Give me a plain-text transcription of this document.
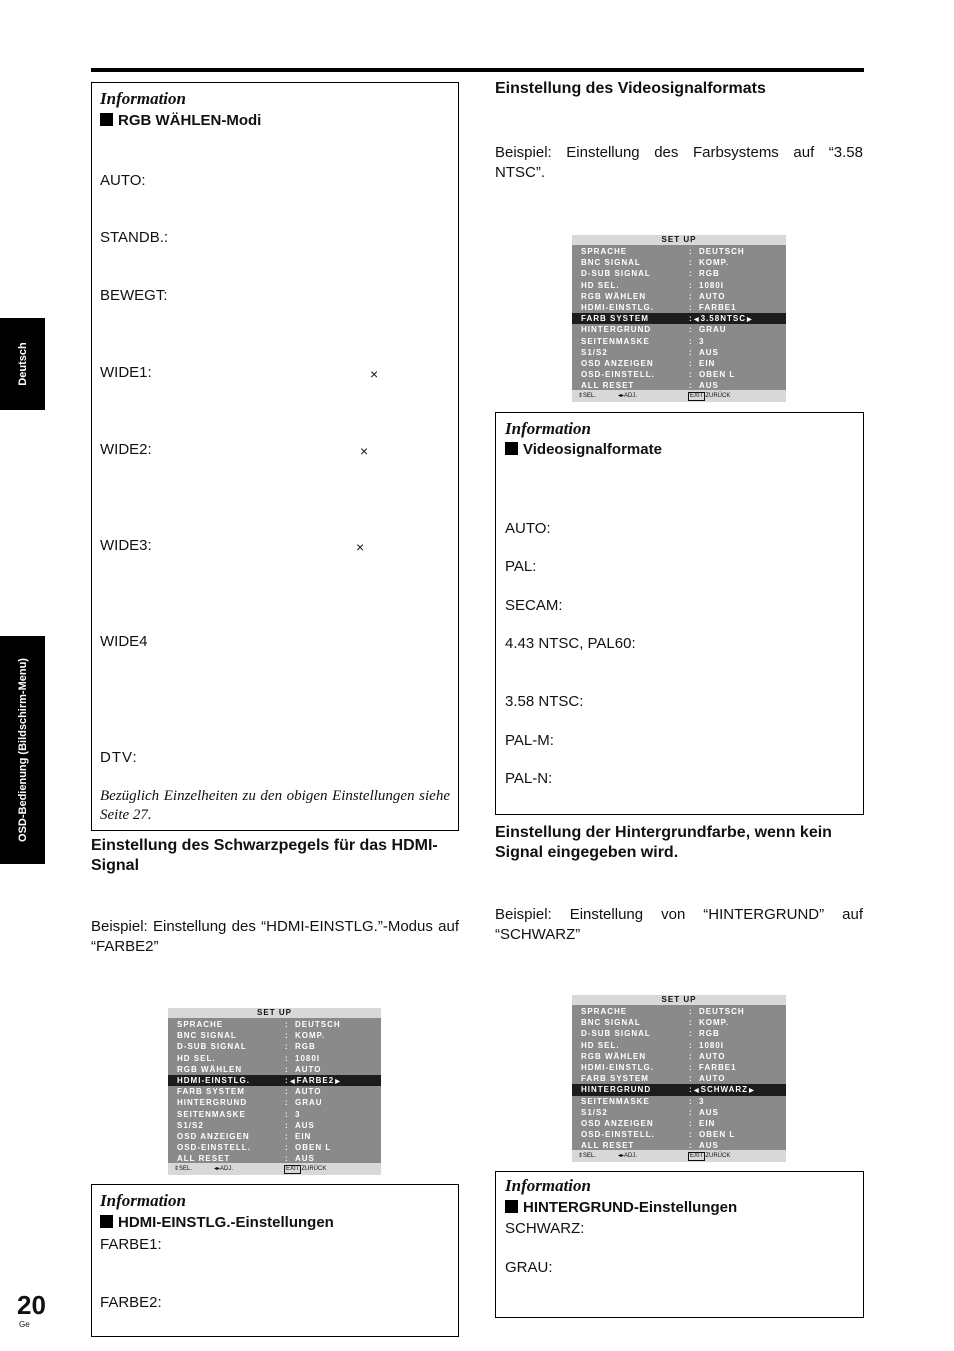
Deutsch
OSD-Bedienung (Bildschirm-Menu)
Information
RGB WÄHLEN-Modi
AUTO:
STANDB.:
BEWEGT:
WIDE1:	×
WIDE2:	×
WIDE3:	×
WIDE4
DTV:
Bezüglich Einzelheiten zu den obigen Einstellungen siehe Seite 27.
Einstellung des Schwarzpegels für das HDMI-Signal
Beispiel: Einstellung des “HDMI-EINSTLG.”-Modus auf “FARBE2”
SET UP
SPRACHE	: DEUTSCH
BNC SIGNAL	: KOMP.
D-SUB SIGNAL	: RGB
HD SEL.	: 1080I
RGB WÄHLEN	: AUTO
HDMI-EINSTLG.	: ◀FARBE2▶
FARB SYSTEM	: AUTO
HINTERGRUND	: GRAU
SEITENMASKE	: 3
S1/S2	: AUS
OSD ANZEIGEN	: EIN
OSD-EINSTELL.	: OBEN L
ALL RESET	: AUS
⇕SEL.	◂▸ADJ.	EXIT ZURÜCK
Information
HDMI-EINSTLG.-Einstellungen
FARBE1:
FARBE2:
Einstellung des Videosignalformats
Beispiel: Einstellung des Farbsystems auf “3.58 NTSC”.
SET UP
SPRACHE	: DEUTSCH
BNC SIGNAL	: KOMP.
D-SUB SIGNAL	: RGB
HD SEL.	: 1080I
RGB WÄHLEN	: AUTO
HDMI-EINSTLG.	: FARBE1
FARB SYSTEM	: ◀3.58NTSC▶
HINTERGRUND	: GRAU
SEITENMASKE	: 3
S1/S2	: AUS
OSD ANZEIGEN	: EIN
OSD-EINSTELL.	: OBEN L
ALL RESET	: AUS
⇕SEL.	◂▸ADJ.	EXIT ZURÜCK
Information
Videosignalformate
AUTO:
PAL:
SECAM:
4.43 NTSC, PAL60:
3.58 NTSC:
PAL-M:
PAL-N:
Einstellung der Hintergrundfarbe, wenn kein Signal eingegeben wird.
Beispiel: Einstellung von “HINTERGRUND” auf “SCHWARZ”
SET UP
SPRACHE	: DEUTSCH
BNC SIGNAL	: KOMP.
D-SUB SIGNAL	: RGB
HD SEL.	: 1080I
RGB WÄHLEN	: AUTO
HDMI-EINSTLG.	: FARBE1
FARB SYSTEM	: AUTO
HINTERGRUND	: ◀SCHWARZ▶
SEITENMASKE	: 3
S1/S2	: AUS
OSD ANZEIGEN	: EIN
OSD-EINSTELL.	: OBEN L
ALL RESET	: AUS
⇕SEL.	◂▸ADJ.	EXIT ZURÜCK
Information
HINTERGRUND-Einstellungen
SCHWARZ:
GRAU:
20
Ge
